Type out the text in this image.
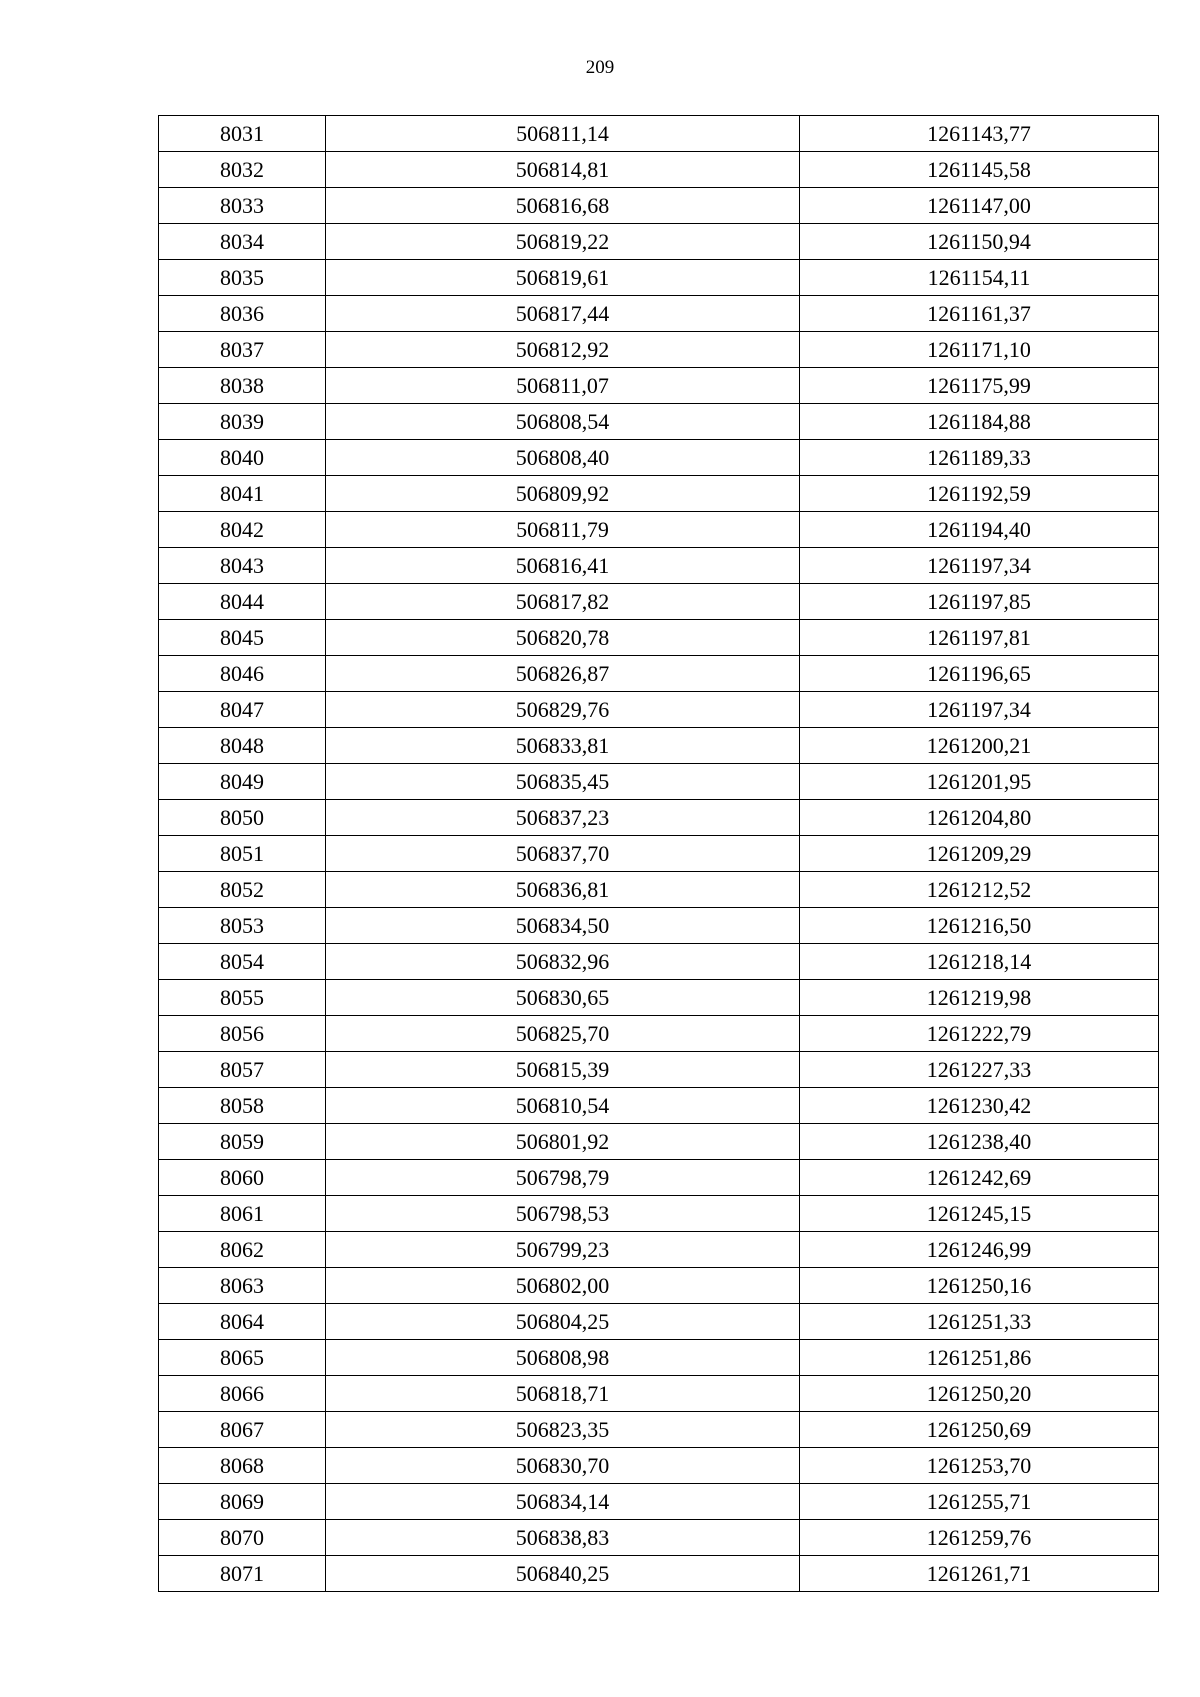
209
8031	506811,14	1261143,77
8032	506814,81	1261145,58
8033	506816,68	1261147,00
8034	506819,22	1261150,94
8035	506819,61	1261154,11
8036	506817,44	1261161,37
8037	506812,92	1261171,10
8038	506811,07	1261175,99
8039	506808,54	1261184,88
8040	506808,40	1261189,33
8041	506809,92	1261192,59
8042	506811,79	1261194,40
8043	506816,41	1261197,34
8044	506817,82	1261197,85
8045	506820,78	1261197,81
8046	506826,87	1261196,65
8047	506829,76	1261197,34
8048	506833,81	1261200,21
8049	506835,45	1261201,95
8050	506837,23	1261204,80
8051	506837,70	1261209,29
8052	506836,81	1261212,52
8053	506834,50	1261216,50
8054	506832,96	1261218,14
8055	506830,65	1261219,98
8056	506825,70	1261222,79
8057	506815,39	1261227,33
8058	506810,54	1261230,42
8059	506801,92	1261238,40
8060	506798,79	1261242,69
8061	506798,53	1261245,15
8062	506799,23	1261246,99
8063	506802,00	1261250,16
8064	506804,25	1261251,33
8065	506808,98	1261251,86
8066	506818,71	1261250,20
8067	506823,35	1261250,69
8068	506830,70	1261253,70
8069	506834,14	1261255,71
8070	506838,83	1261259,76
8071	506840,25	1261261,71
